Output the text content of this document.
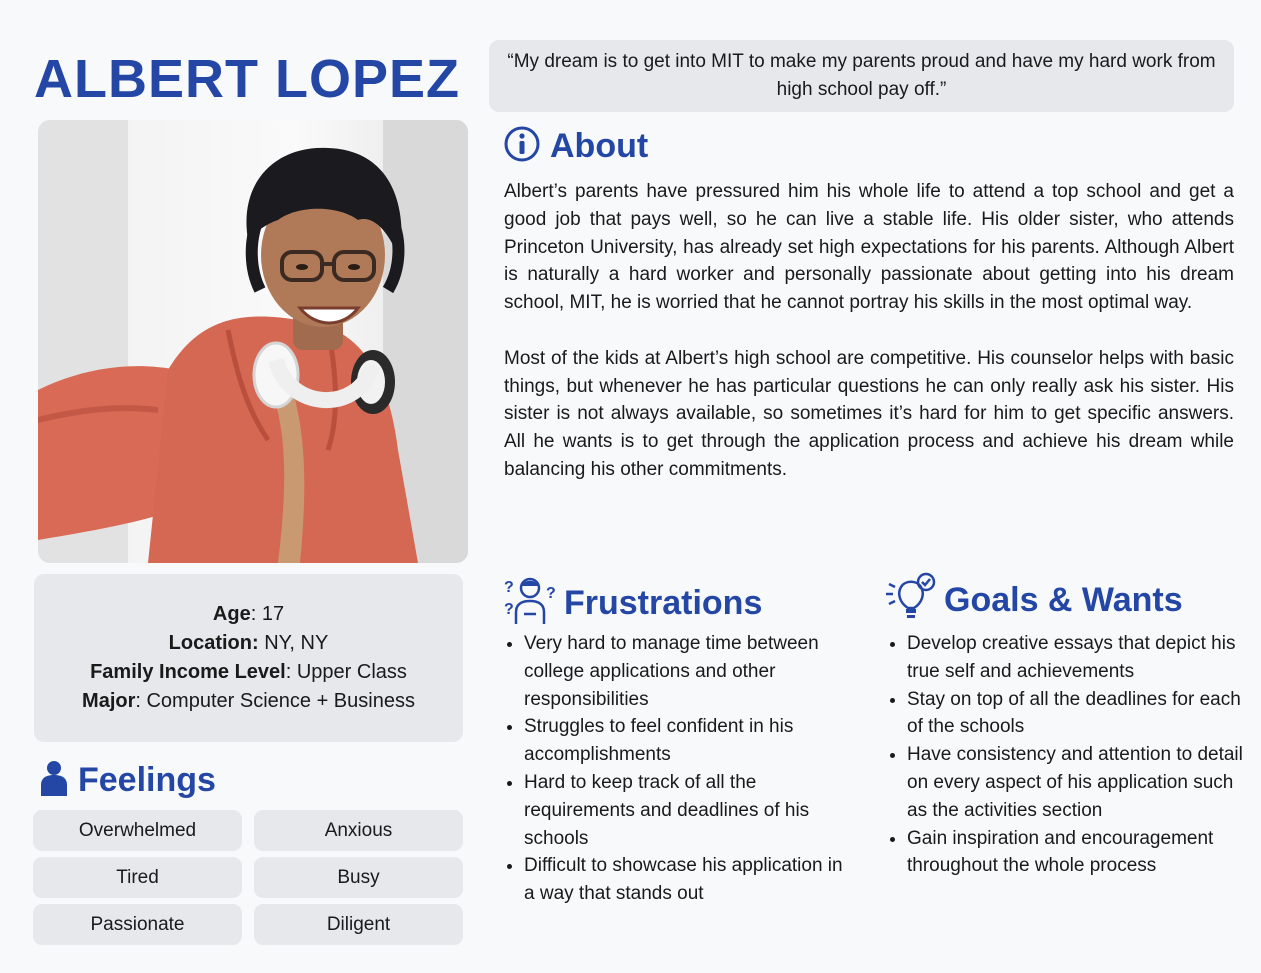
ALBERT LOPEZ
Age: 17
Location: NY, NY
Family Income Level: Upper Class
Major: Computer Science + Business
Feelings
Overwhelmed	Anxious
Tired	Busy
Passionate	Diligent
“My dream is to get into MIT to make my parents proud and have my hard work from high school pay off.”
About

Albert’s parents have pressured him his whole life to attend a top school and get a good job that pays well, so he can live a stable life. His older sister, who attends Princeton University, has already set high expectations for his parents. Although Albert is naturally a hard worker and personally passionate about getting into his dream school, MIT, he is worried that he cannot portray his skills in the most optimal way.

Most of the kids at Albert’s high school are competitive. His counselor helps with basic things, but whenever he has particular questions he can only really ask his sister. His sister is not always available, so sometimes it’s hard for him to get specific answers. All he wants is to get through the application process and achieve his dream while balancing his other commitments.

?
?
? Frustrations
• Very hard to manage time between college applications and other responsibilities
• Struggles to feel confident in his accomplishments
• Hard to keep track of all the requirements and deadlines of his schools
• Difficult to showcase his application in a way that stands out
Goals & Wants
• Develop creative essays that depict his true self and achievements
• Stay on top of all the deadlines for each of the schools
• Have consistency and attention to detail on every aspect of his application such as the activities section
• Gain inspiration and encouragement throughout the whole process
